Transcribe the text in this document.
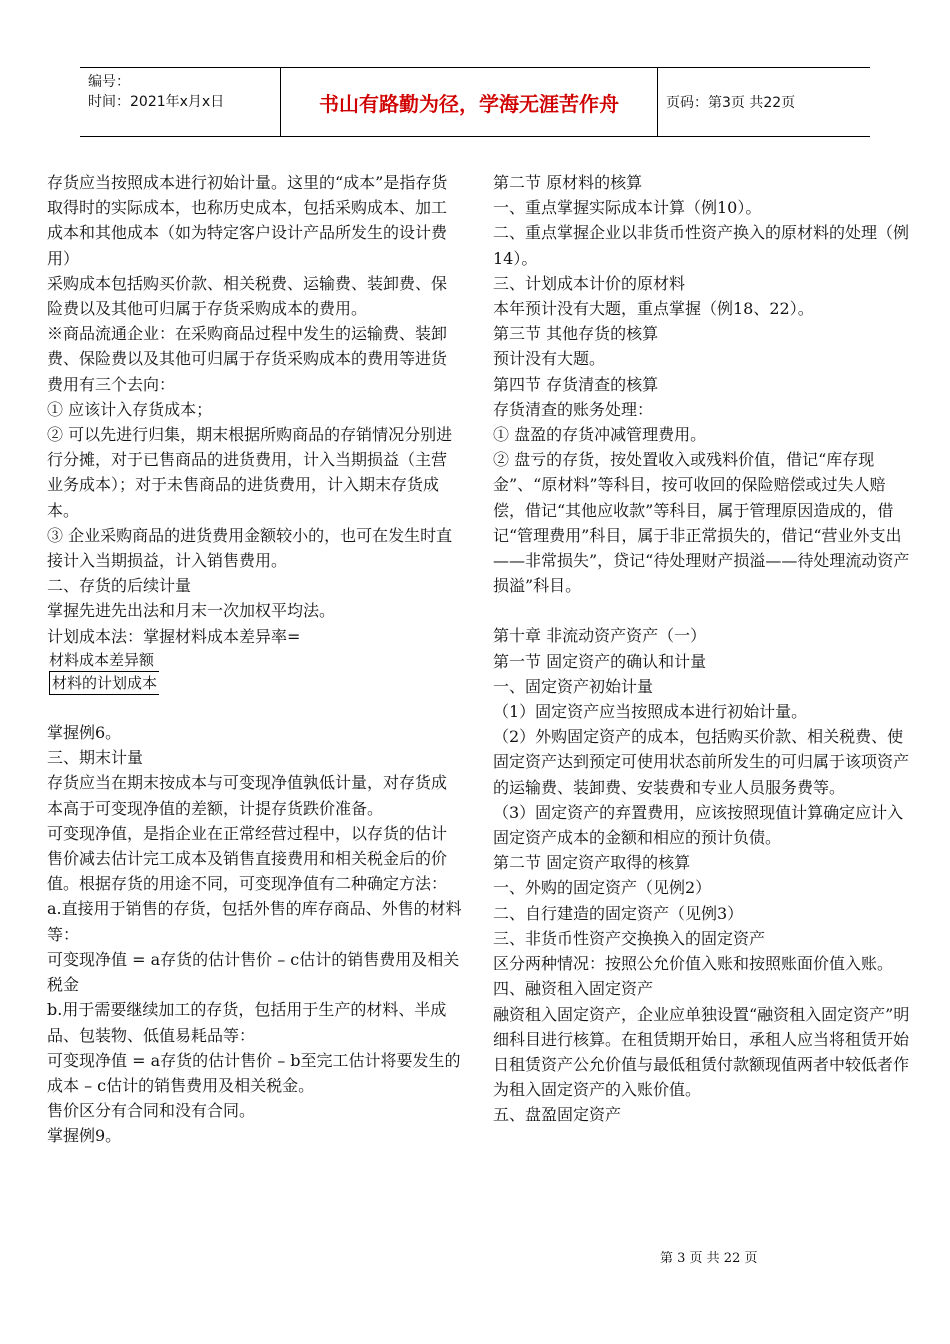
编号：
时间：2021年x月x日	书山有路勤为径，学海无涯苦作舟	页码：第3页 共22页

存货应当按照成本进行初始计量。这里的“成本”是指存货取得时的实际成本，也称历史成本，包括采购成本、加工成本和其他成本（如为特定客户设计产品所发生的设计费用）

采购成本包括购买价款、相关税费、运输费、装卸费、保险费以及其他可归属于存货采购成本的费用。

※商品流通企业：在采购商品过程中发生的运输费、装卸费、保险费以及其他可归属于存货采购成本的费用等进货费用有三个去向：

① 应该计入存货成本；

② 可以先进行归集，期末根据所购商品的存销情况分别进行分摊，对于已售商品的进货费用，计入当期损益（主营业务成本）；对于未售商品的进货费用，计入期末存货成本。

③ 企业采购商品的进货费用金额较小的，也可在发生时直接计入当期损益，计入销售费用。

二、存货的后续计量

掌握先进先出法和月末一次加权平均法。

计划成本法：掌握材料成本差异率=

$\frac{\text{材料成本差异额}}{\text{材料的计划成本}}$

掌握例6。

三、期末计量

存货应当在期末按成本与可变现净值孰低计量，对存货成本高于可变现净值的差额，计提存货跌价准备。

可变现净值，是指企业在正常经营过程中，以存货的估计售价减去估计完工成本及销售直接费用和相关税金后的价值。根据存货的用途不同，可变现净值有二种确定方法：

a.直接用于销售的存货，包括外售的库存商品、外售的材料等：

可变现净值 = a存货的估计售价 – c估计的销售费用及相关税金

b.用于需要继续加工的存货，包括用于生产的材料、半成品、包装物、低值易耗品等：

可变现净值 = a存货的估计售价 – b至完工估计将要发生的成本 – c估计的销售费用及相关税金。

售价区分有合同和没有合同。

掌握例9。

第二节 原材料的核算

一、重点掌握实际成本计算（例10）。

二、重点掌握企业以非货币性资产换入的原材料的处理（例14）。

三、计划成本计价的原材料

本年预计没有大题，重点掌握（例18、22）。

第三节 其他存货的核算

预计没有大题。

第四节 存货清查的核算

存货清查的账务处理：

① 盘盈的存货冲减管理费用。

② 盘亏的存货，按处置收入或残料价值，借记“库存现金”、“原材料”等科目，按可收回的保险赔偿或过失人赔偿，借记“其他应收款”等科目，属于管理原因造成的，借记“管理费用”科目，属于非正常损失的，借记“营业外支出——非常损失”，贷记“待处理财产损溢——待处理流动资产损溢”科目。

第十章 非流动资产资产（一）

第一节 固定资产的确认和计量

一、固定资产初始计量

（1）固定资产应当按照成本进行初始计量。

（2）外购固定资产的成本，包括购买价款、相关税费、使固定资产达到预定可使用状态前所发生的可归属于该项资产的运输费、装卸费、安装费和专业人员服务费等。

（3）固定资产的弃置费用，应该按照现值计算确定应计入固定资产成本的金额和相应的预计负债。

第二节 固定资产取得的核算

一、外购的固定资产（见例2）

二、自行建造的固定资产（见例3）

三、非货币性资产交换换入的固定资产

区分两种情况：按照公允价值入账和按照账面价值入账。

四、融资租入固定资产

融资租入固定资产，企业应单独设置“融资租入固定资产”明细科目进行核算。在租赁期开始日，承租人应当将租赁开始日租赁资产公允价值与最低租赁付款额现值两者中较低者作为租入固定资产的入账价值。

五、盘盈固定资产

第 3 页 共 22 页
